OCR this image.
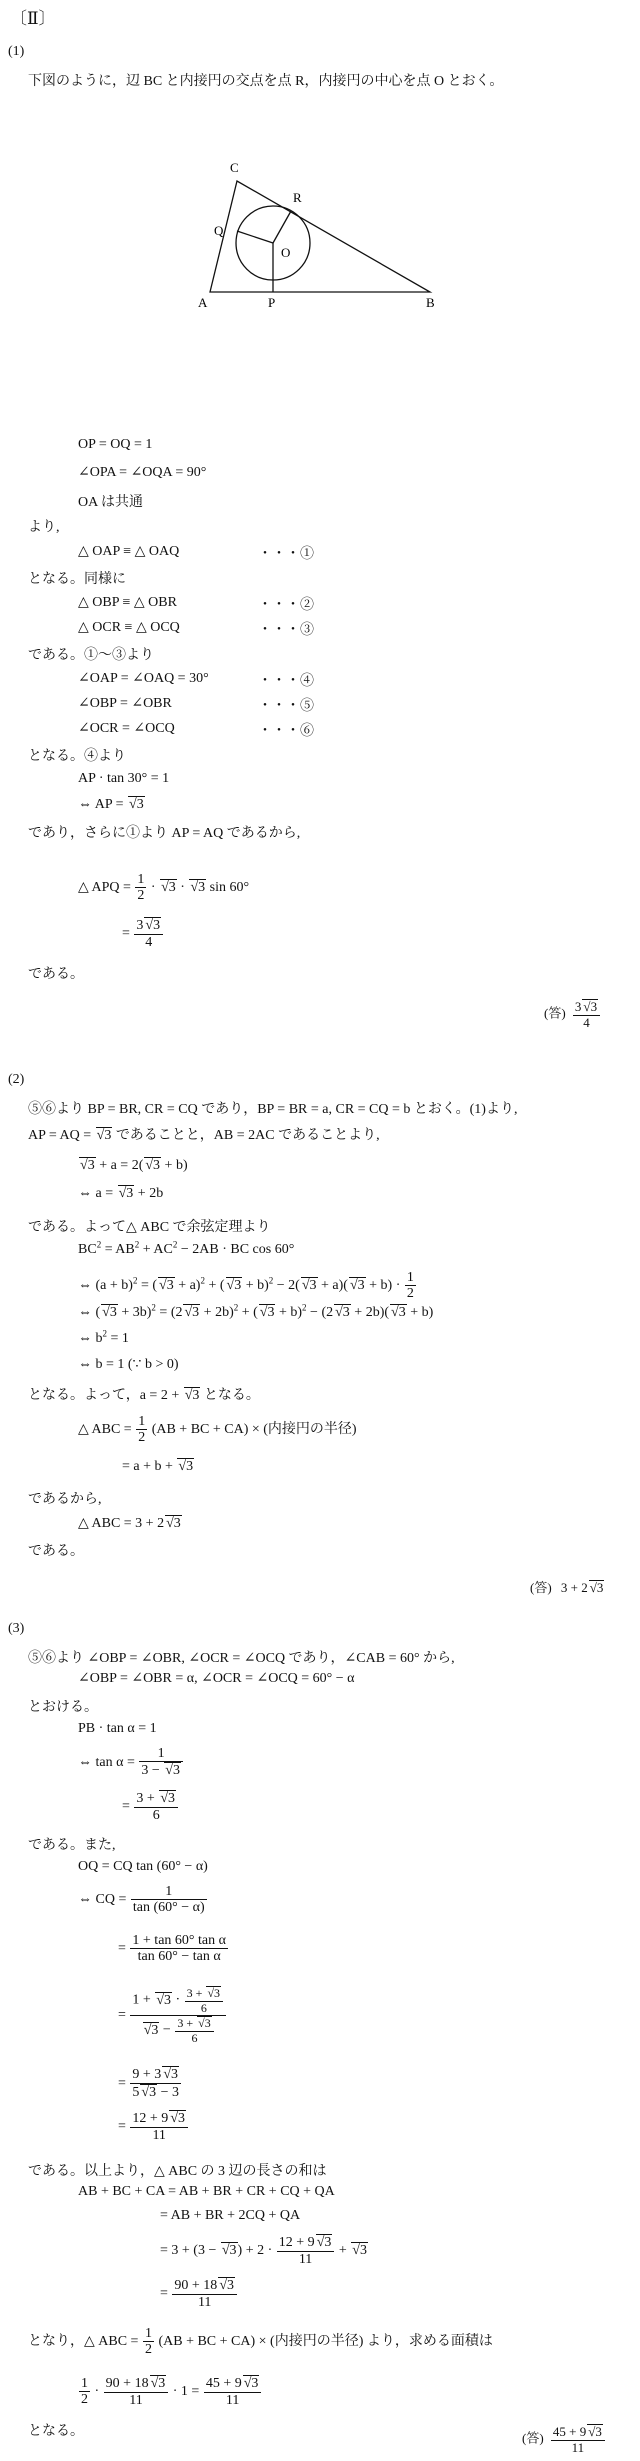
〔Ⅱ〕
(1)
下図のように，辺 BC と内接円の交点を点 R，内接円の中心を点 O とおく。
C
R
Q
O
A	P	B
OP = OQ = 1
∠OPA = ∠OQA = 90°
OA は共通
より,
△ OAP ≡ △ OAQ	・・・①
となる。同様に
△ OBP ≡ △ OBR	・・・②
△ OCR ≡ △ OCQ	・・・③
である。①〜③より
∠OAP = ∠OAQ = 30°	・・・④
∠OBP = ∠OBR	・・・⑤
∠OCR = ∠OCQ	・・・⑥
となる。④より
AP · tan 30° = 1
⇔ AP = √ 3
であり，さらに①より AP = AQ であるから,
△ APQ = $\frac{1}{2}$ · √ 3 · √ 3 sin 60°
= $\frac{3 √ 3}{4}$
である。
(答) $\frac{3 √ 3}{4}$
(2)
⑤⑥より BP = BR, CR = CQ であり，BP = BR = a, CR = CQ = b とおく。(1)より,
AP = AQ = √ 3 であることと，AB = 2AC であることより,
√ 3 + a = 2( √ 3 + b)
⇔ a = √ 3 + 2b
である。よって△ ABC で余弦定理より
$BC^2 = AB^2 + AC^2 - 2AB$ · BC cos 60°
⇔ $(a + b)^2$ = ( √ 3 + a)$^2$ + ( √ 3 + b)$^2$ − 2( √ 3 + a)( √ $3 + b) \cdot \frac{1}{2}$
⇔ ( √ 3 + 3b)$^2$ = (2 √ 3 + 2b)$^2$ + ( √ 3 + b)$^2$ − (2 √ 3 + 2b)( √ 3 + b)
⇔ $b^2 = 1$
⇔ b = 1 (∵ b > 0)
となる。よって，a = 2 + √ 3 となる。
△ ABC = $\frac{1}{2} (AB$ + BC + CA) × (内接円の半径)
= a + b + √ 3
であるから,
△ ABC = 3 + 2 √ 3
である。
(答) 3 + 2 √ 3
(3)
⑤⑥より ∠OBP = ∠OBR, ∠OCR = ∠OCQ であり，∠CAB = 60° から,
∠OBP = ∠OBR = α, ∠OCR = ∠OCQ = 60° − α
とおける。
PB · tan α = 1
⇔ $\tan \alpha = \frac{1}{3 - √ 3}$
= $\frac{3 + √ 3}{6}$
である。また,
OQ = CQ tan (60° − α)
⇔ CQ = $\frac{1}{\tan (60^\circ - \alpha)}$
= $\frac{\text{1 + tan 60° tan α}}{\text{tan 60° − tan α}}$
= 1 + √ $3 \cdot \frac{3 + √ 3}{6}$
√ $3 - \frac{3 + √ 3}{6}$
= $\frac{9 + 3 √ 3}{5 √ 3 - 3}$
= $\frac{12 + 9 √ 3}{11}$
である。以上より，△ ABC の 3 辺の長さの和は
AB + BC + CA = AB + BR + CR + CQ + QA
= AB + BR + 2CQ + QA
= 3 + (3 − √ $3) + 2 \cdot \frac{12 + 9 √ 3}{11}$ + √ 3
= $\frac{90 + 18 √ 3}{11}$
となり，△ ABC = $\frac{1}{2} (AB$ + BC + CA) × (内接円の半径) より，求める面積は
$\frac{1}{2} \cdot \frac{90 + 18 √ 3}{11} \cdot 1 = \frac{45 + 9 √ 3}{11}$
となる。	(答) $\frac{45 + 9 √ 3}{11}$
